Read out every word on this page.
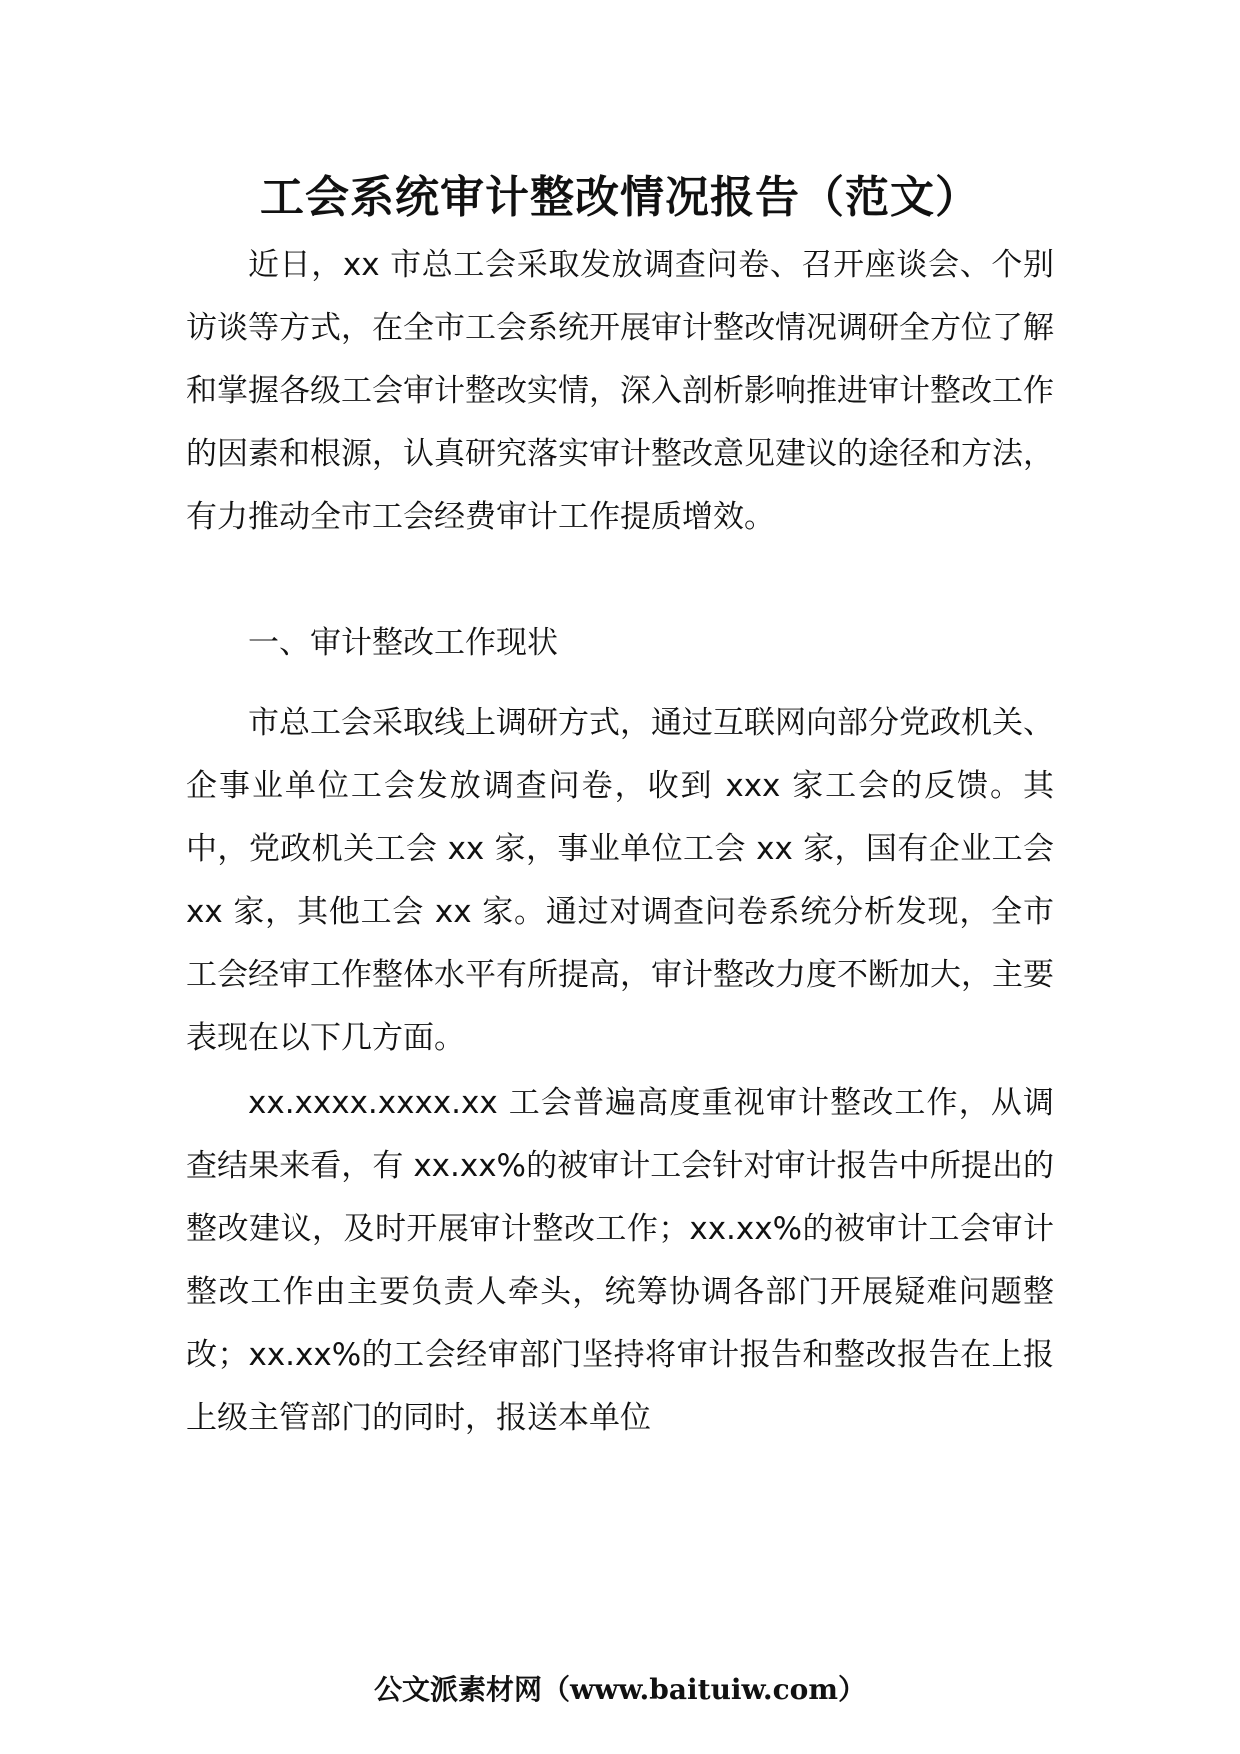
工会系统审计整改情况报告（范文）
近日，xx 市总工会采取发放调查问卷、召开座谈会、个别访谈等方式，在全市工会系统开展审计整改情况调研全方位了解和掌握各级工会审计整改实情，深入剖析影响推进审计整改工作的因素和根源，认真研究落实审计整改意见建议的途径和方法，有力推动全市工会经费审计工作提质增效。
一、审计整改工作现状
市总工会采取线上调研方式，通过互联网向部分党政机关、企事业单位工会发放调查问卷，收到 xxx 家工会的反馈。其中，党政机关工会 xx 家，事业单位工会 xx 家，国有企业工会 xx 家，其他工会 xx 家。通过对调查问卷系统分析发现，全市工会经审工作整体水平有所提高，审计整改力度不断加大，主要表现在以下几方面。
xx.xxxx.xxxx.xx 工会普遍高度重视审计整改工作，从调查结果来看，有 xx.xx%的被审计工会针对审计报告中所提出的整改建议，及时开展审计整改工作；xx.xx%的被审计工会审计整改工作由主要负责人牵头，统筹协调各部门开展疑难问题整改；xx.xx%的工会经审部门坚持将审计报告和整改报告在上报上级主管部门的同时，报送本单位
公文派素材网（www.baituiw.com）
